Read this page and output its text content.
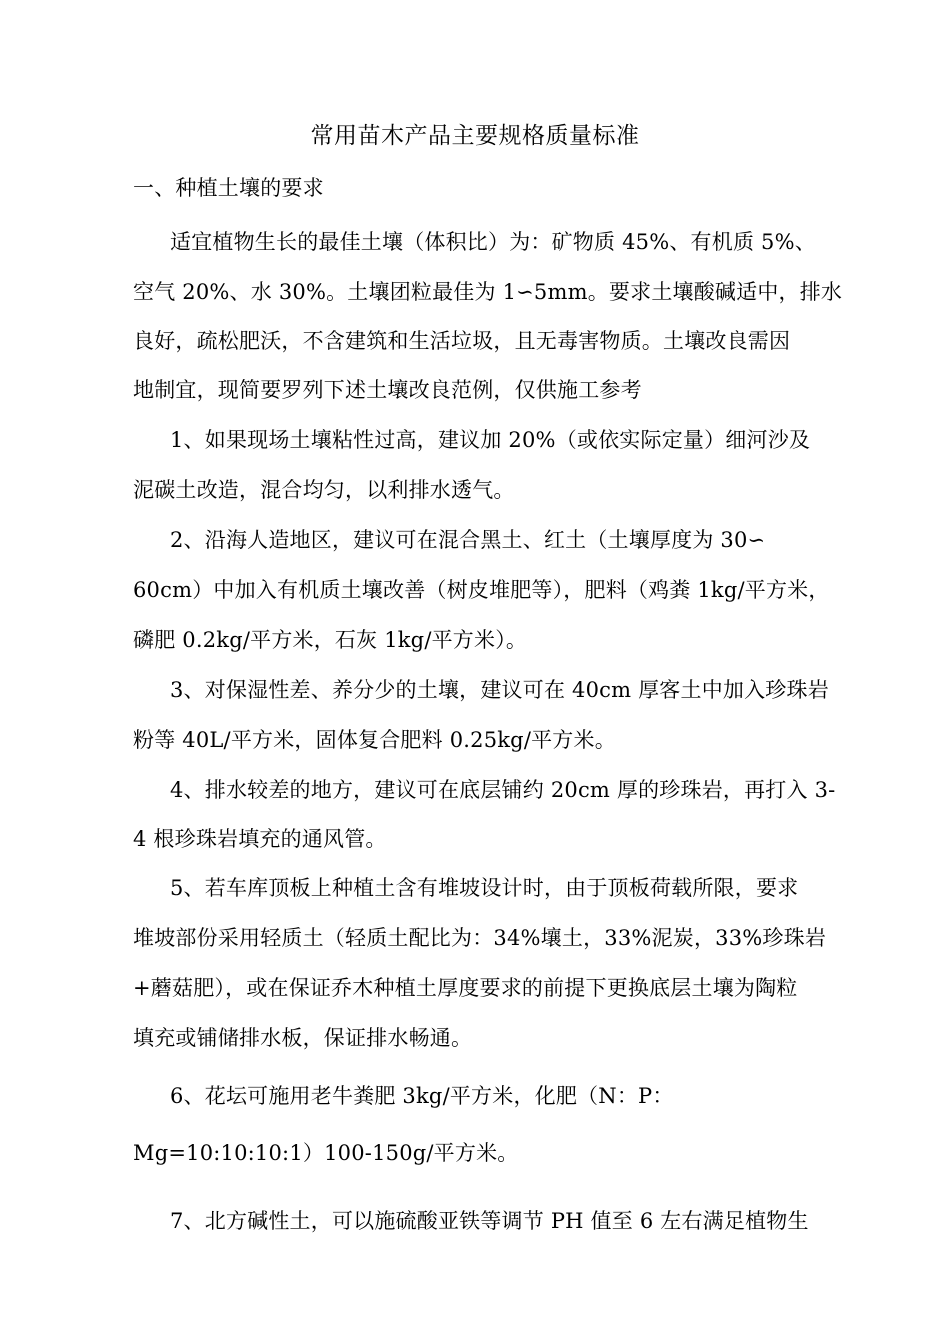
常用苗木产品主要规格质量标准
一、种植土壤的要求
适宜植物生长的最佳土壤（体积比）为：矿物质 45%、有机质 5%、
空气 20%、水 30%。土壤团粒最佳为 1∽5mm。要求土壤酸碱适中，排水
良好，疏松肥沃，不含建筑和生活垃圾，且无毒害物质。土壤改良需因
地制宜，现简要罗列下述土壤改良范例，仅供施工参考
1、如果现场土壤粘性过高，建议加 20%（或依实际定量）细河沙及
泥碳土改造，混合均匀，以利排水透气。
2、沿海人造地区，建议可在混合黑土、红土（土壤厚度为 30∽
60cm）中加入有机质土壤改善（树皮堆肥等），肥料（鸡粪 1kg/平方米，
磷肥 0.2kg/平方米，石灰 1kg/平方米）。
3、对保湿性差、养分少的土壤，建议可在 40cm 厚客土中加入珍珠岩
粉等 40L/平方米，固体复合肥料 0.25kg/平方米。
4、排水较差的地方，建议可在底层铺约 20cm 厚的珍珠岩，再打入 3-
4 根珍珠岩填充的通风管。
5、若车库顶板上种植土含有堆坡设计时，由于顶板荷载所限，要求
堆坡部份采用轻质土（轻质土配比为：34%壤土，33%泥炭，33%珍珠岩
+蘑菇肥），或在保证乔木种植土厚度要求的前提下更换底层土壤为陶粒
填充或铺储排水板，保证排水畅通。
6、花坛可施用老牛粪肥 3kg/平方米，化肥（N：P：
Mg=10:10:10:1）100-150g/平方米。
7、北方碱性土，可以施硫酸亚铁等调节 PH 值至 6 左右满足植物生
